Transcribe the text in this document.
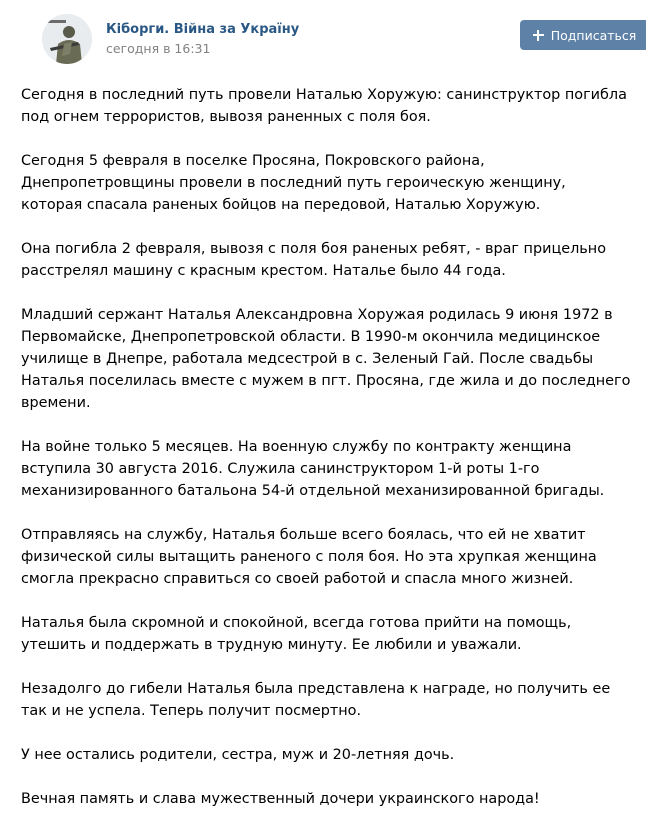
Кіборги. Війна за Україну
сегодня в 16:31
Подписаться

Сегодня в последний путь провели Наталью Хоружую: санинструктор погибла под огнем террористов, вывозя раненных с поля боя.

Сегодня 5 февраля в поселке Просяна, Покровского района, Днепропетровщины провели в последний путь героическую женщину, которая спасала раненых бойцов на передовой, Наталью Хоружую.

Она погибла 2 февраля, вывозя с поля боя раненых ребят, - враг прицельно расстрелял машину с красным крестом. Натальe было 44 года.

Младший сержант Наталья Александровна Хоружая родилась 9 июня 1972 в Первомайске, Днепропетровской области. В 1990-м окончила медицинское училище в Днепре, работала медсестрой в с. Зеленый Гай. После свадьбы Наталья поселилась вместе с мужем в пгт. Просяна, где жила и до последнего времени.

На войне только 5 месяцев. На военную службу по контракту женщина вступила 30 августа 2016. Служила санинструктором 1-й роты 1-го механизированного батальона 54-й отдельной механизированной бригады.

Отправляясь на службу, Наталья больше всего боялась, что ей не хватит физической силы вытащить раненого с поля боя. Но эта хрупкая женщина смогла прекрасно справиться со своей работой и спасла много жизней.

Наталья была скромной и спокойной, всегда готова прийти на помощь, утешить и поддержать в трудную минуту. Ее любили и уважали.

Незадолго до гибели Наталья была представлена к награде, но получить ее так и не успела. Теперь получит посмертно.

У нее остались родители, сестра, муж и 20-летняя дочь.

Вечная память и слава мужественный дочери украинского народа!
